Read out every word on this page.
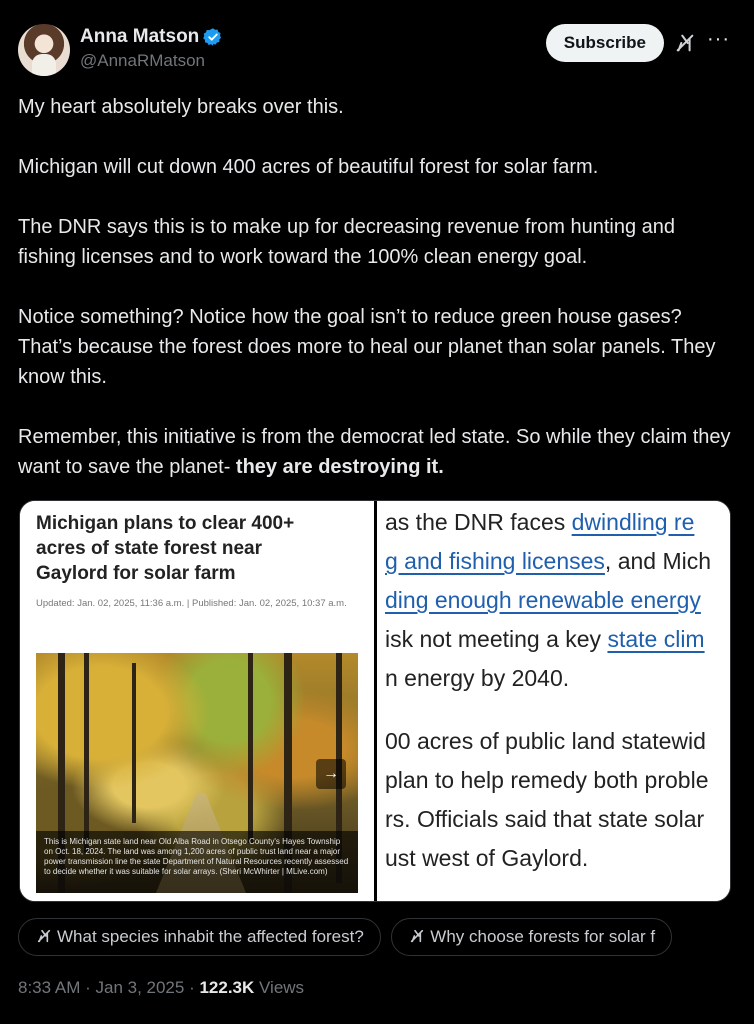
Anna Matson
@AnnaRMatson
Subscribe	···

My heart absolutely breaks over this.

Michigan will cut down 400 acres of beautiful forest for solar farm.

The DNR says this is to make up for decreasing revenue from hunting and fishing licenses and to work toward the 100% clean energy goal.

Notice something? Notice how the goal isn’t to reduce green house gases? That’s because the forest does more to heal our planet than solar panels. They know this.

Remember, this initiative is from the democrat led state. So while they claim they want to save the planet- they are destroying it.

Michigan plans to clear 400+ acres of state forest near Gaylord for solar farm
Updated: Jan. 02, 2025, 11:36 a.m. | Published: Jan. 02, 2025, 10:37 a.m.
→
This is Michigan state land near Old Alba Road in Otsego County's Hayes Township on Oct. 18, 2024. The land was among 1,200 acres of public trust land near a major power transmission line the state Department of Natural Resources recently assessed to decide whether it was suitable for solar arrays. (Sheri McWhirter | MLive.com)
as the DNR faces dwindling re
g and fishing licenses, and Mich
ding enough renewable energy
isk not meeting a key state clim
n energy by 2040.
00 acres of public land statewid
plan to help remedy both proble
rs. Officials said that state solar
ust west of Gaylord.
What species inhabit the affected forest?	Why choose forests for solar f
8:33 AM · Jan 3, 2025 · 122.3K Views
